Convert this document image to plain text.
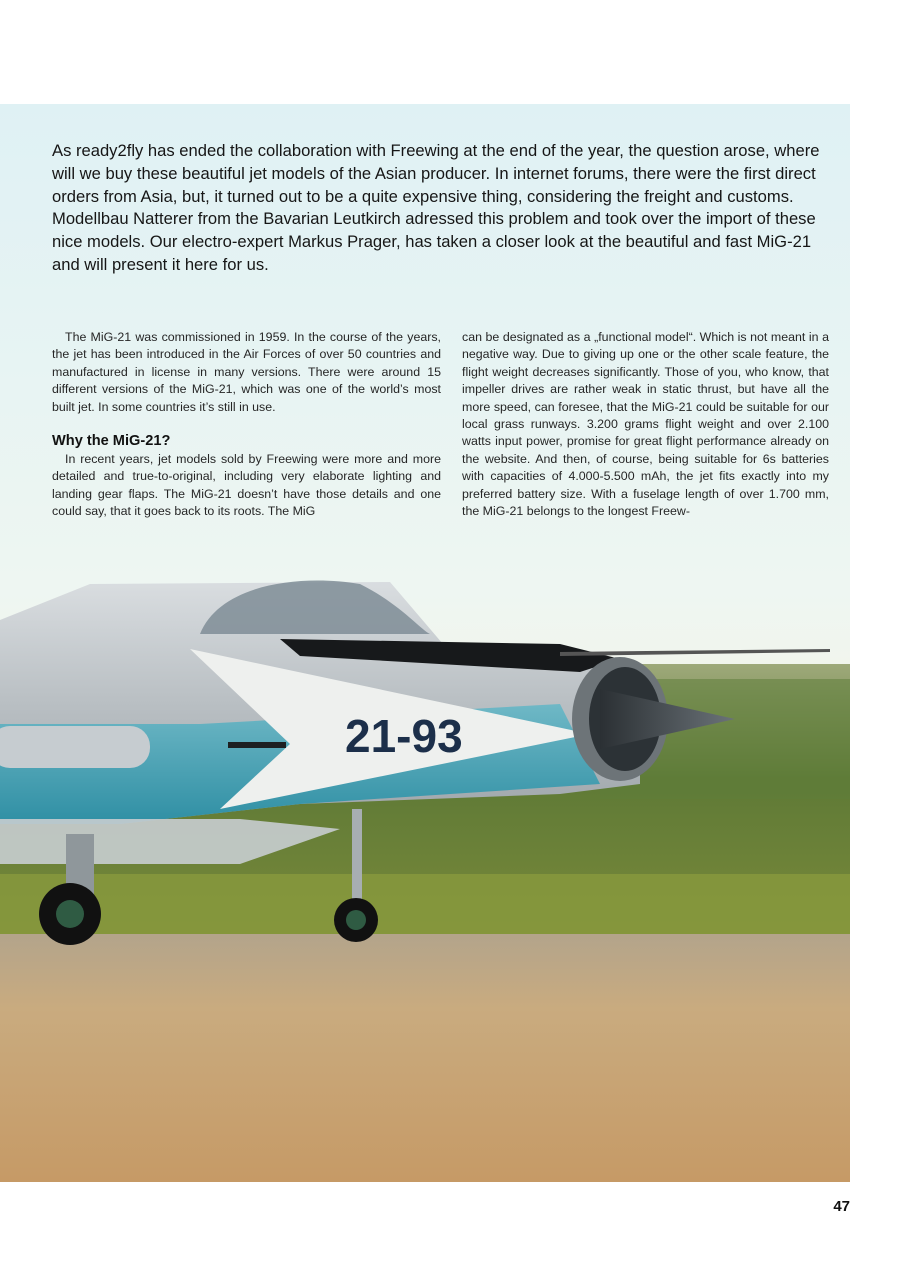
21-93

As ready2fly has ended the collaboration with Freewing at the end of the year, the question arose, where will we buy these beautiful jet models of the Asian producer. In internet forums, there were the first direct orders from Asia, but, it turned out to be a quite expensive thing, considering the freight and customs. Modellbau Natterer from the Bavarian Leutkirch adressed this problem and took over the import of these nice models. Our electro-expert Markus Prager, has taken a closer look at the beautiful and fast MiG-21 and will present it here for us.

The MiG-21 was commissioned in 1959. In the course of the years, the jet has been introduced in the Air Forces of over 50 countries and manufactured in license in many versions. There were around 15 different versions of the MiG-21, which was one of the world’s most built jet. In some countries it’s still in use.

Why the MiG-21?

In recent years, jet models sold by Freewing were more and more detailed and true-to-original, including very elaborate lighting and landing gear flaps. The MiG-21 doesn’t have those details and one could say, that it goes back to its roots. The MiG

can be designated as a „functional model“. Which is not meant in a negative way. Due to giving up one or the other scale feature, the flight weight decreases significantly. Those of you, who know, that impeller drives are rather weak in static thrust, but have all the more speed, can foresee, that the MiG-21 could be suitable for our local grass runways. 3.200 grams flight weight and over 2.100 watts input power, promise for great flight performance already on the website. And then, of course, being suitable for 6s batteries with capacities of 4.000-5.500 mAh, the jet fits exactly into my preferred battery size. With a fuselage length of over 1.700 mm, the MiG-21 belongs to the longest Freew-

47
